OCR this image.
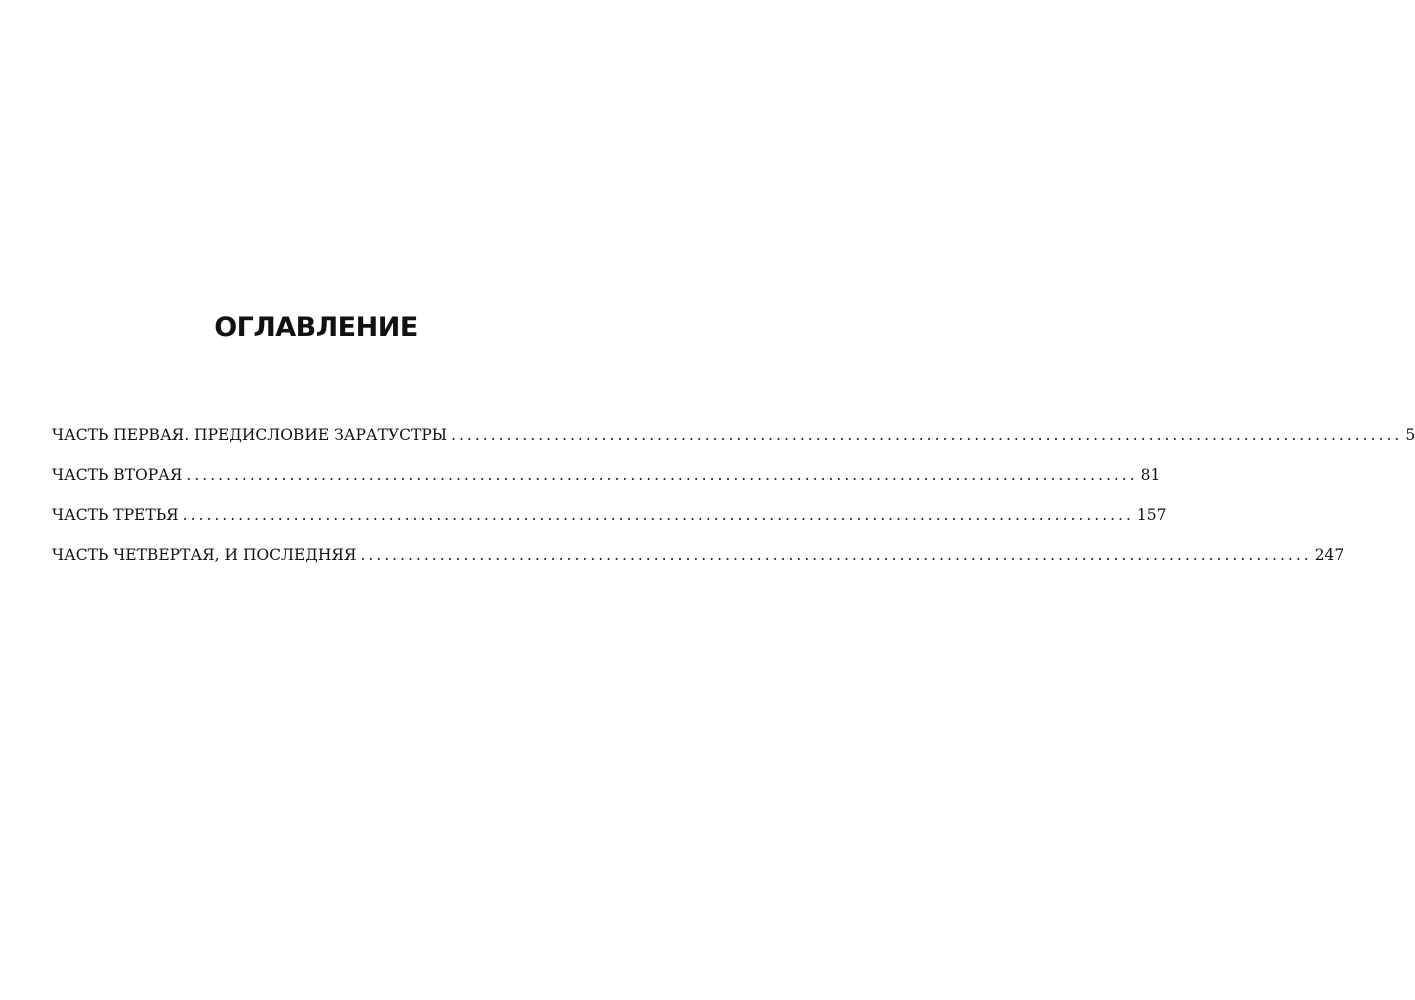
ОГЛАВЛЕНИЕ
ЧАСТЬ ПЕРВАЯ. ПРЕДИСЛОВИЕ ЗАРАТУСТРЫ ........................................................................................................................ 5
ЧАСТЬ ВТОРАЯ ........................................................................................................................ 81
ЧАСТЬ ТРЕТЬЯ ........................................................................................................................ 157
ЧАСТЬ ЧЕТВЕРТАЯ, И ПОСЛЕДНЯЯ ........................................................................................................................ 247
